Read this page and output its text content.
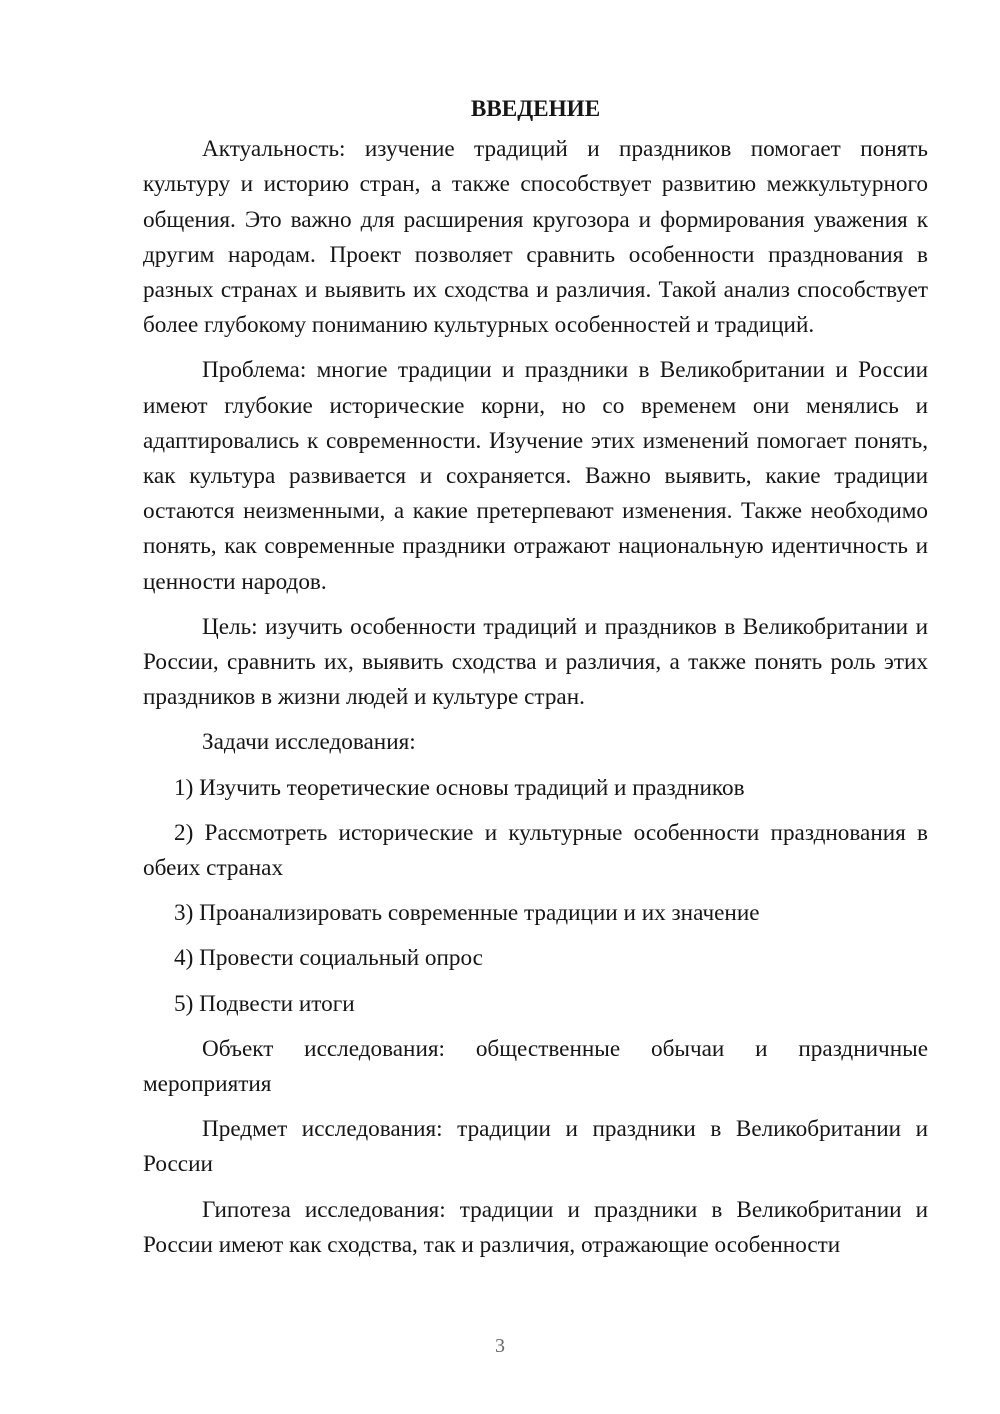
ВВЕДЕНИЕ

Актуальность: изучение традиций и праздников помогает понять культуру и историю стран, а также способствует развитию межкультурного общения. Это важно для расширения кругозора и формирования уважения к другим народам. Проект позволяет сравнить особенности празднования в разных странах и выявить их сходства и различия. Такой анализ способствует более глубокому пониманию культурных особенностей и традиций.

Проблема: многие традиции и праздники в Великобритании и России имеют глубокие исторические корни, но со временем они менялись и адаптировались к современности. Изучение этих изменений помогает понять, как культура развивается и сохраняется. Важно выявить, какие традиции остаются неизменными, а какие претерпевают изменения. Также необходимо понять, как современные праздники отражают национальную идентичность и ценности народов.

Цель: изучить особенности традиций и праздников в Великобритании и России, сравнить их, выявить сходства и различия, а также понять роль этих праздников в жизни людей и культуре стран.

Задачи исследования:

1) Изучить теоретические основы традиций и праздников

2) Рассмотреть исторические и культурные особенности празднования в обеих странах

3) Проанализировать современные традиции и их значение

4) Провести социальный опрос

5) Подвести итоги

Объект исследования: общественные обычаи и праздничные мероприятия

Предмет исследования: традиции и праздники в Великобритании и России

Гипотеза исследования: традиции и праздники в Великобритании и России имеют как сходства, так и различия, отражающие особенности

3
